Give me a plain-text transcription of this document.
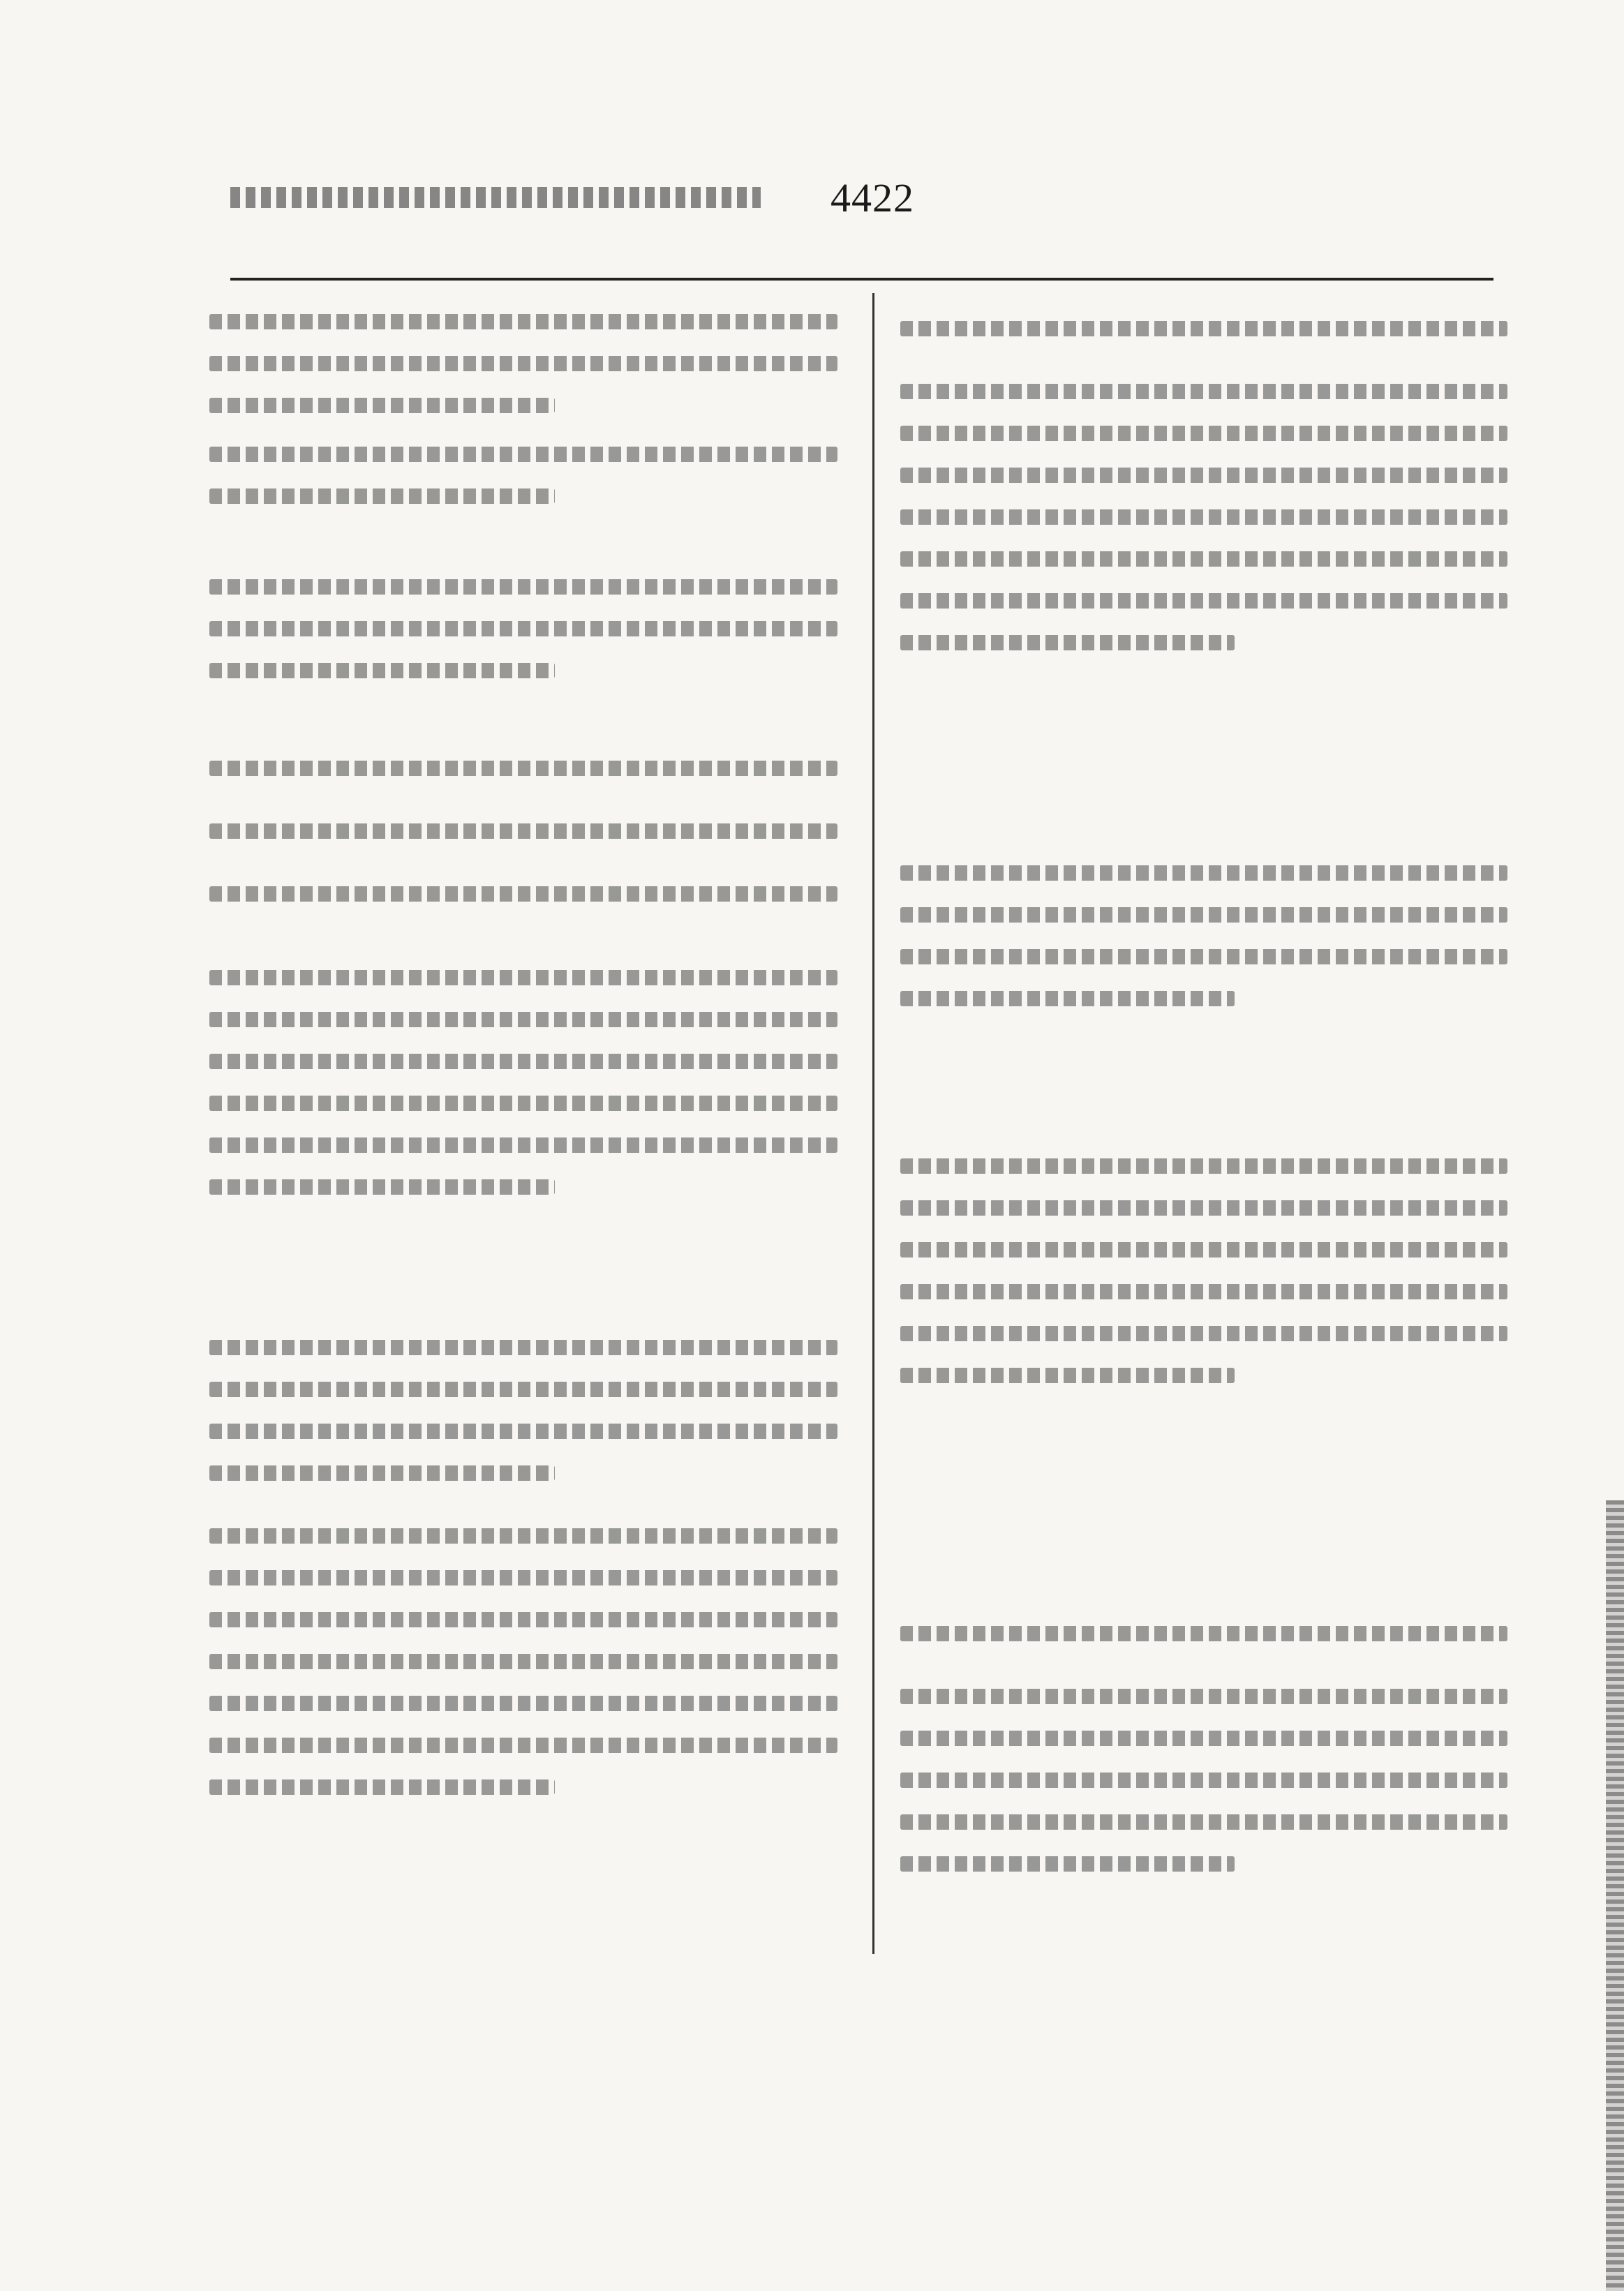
4422
